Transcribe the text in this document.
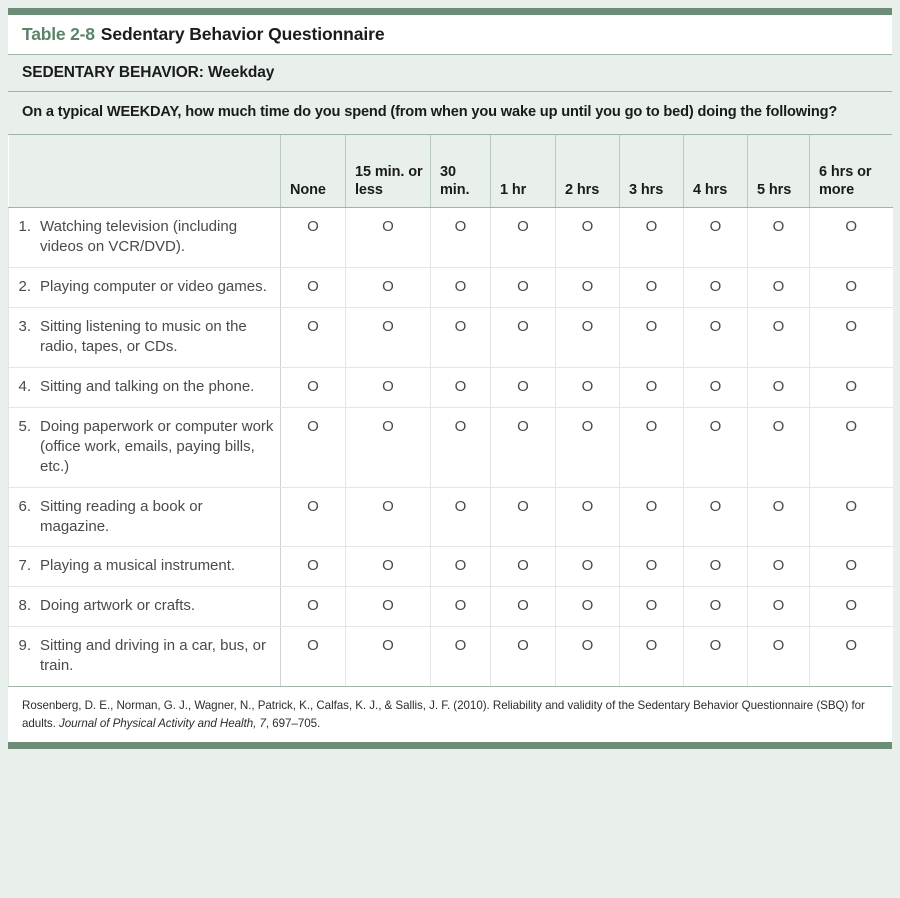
Table 2-8 Sedentary Behavior Questionnaire
SEDENTARY BEHAVIOR: Weekday
On a typical WEEKDAY, how much time do you spend (from when you wake up until you go to bed) doing the following?
	None	15 min. or less	30 min.	1 hr	2 hrs	3 hrs	4 hrs	5 hrs	6 hrs or more

1. Watching television (including videos on VCR/DVD).	O	O	O	O	O	O	O	O	O

2. Playing computer or video games.	O	O	O	O	O	O	O	O	O

3. Sitting listening to music on the radio, tapes, or CDs.	O	O	O	O	O	O	O	O	O

4. Sitting and talking on the phone.	O	O	O	O	O	O	O	O	O

5. Doing paperwork or computer work (office work, emails, paying bills, etc.)	O	O	O	O	O	O	O	O	O

6. Sitting reading a book or magazine.	O	O	O	O	O	O	O	O	O

7. Playing a musical instrument.	O	O	O	O	O	O	O	O	O

8. Doing artwork or crafts.	O	O	O	O	O	O	O	O	O

9. Sitting and driving in a car, bus, or train.	O	O	O	O	O	O	O	O	O
Rosenberg, D. E., Norman, G. J., Wagner, N., Patrick, K., Calfas, K. J., & Sallis, J. F. (2010). Reliability and validity of the Sedentary Behavior Questionnaire (SBQ) for adults. Journal of Physical Activity and Health, 7, 697–705.
